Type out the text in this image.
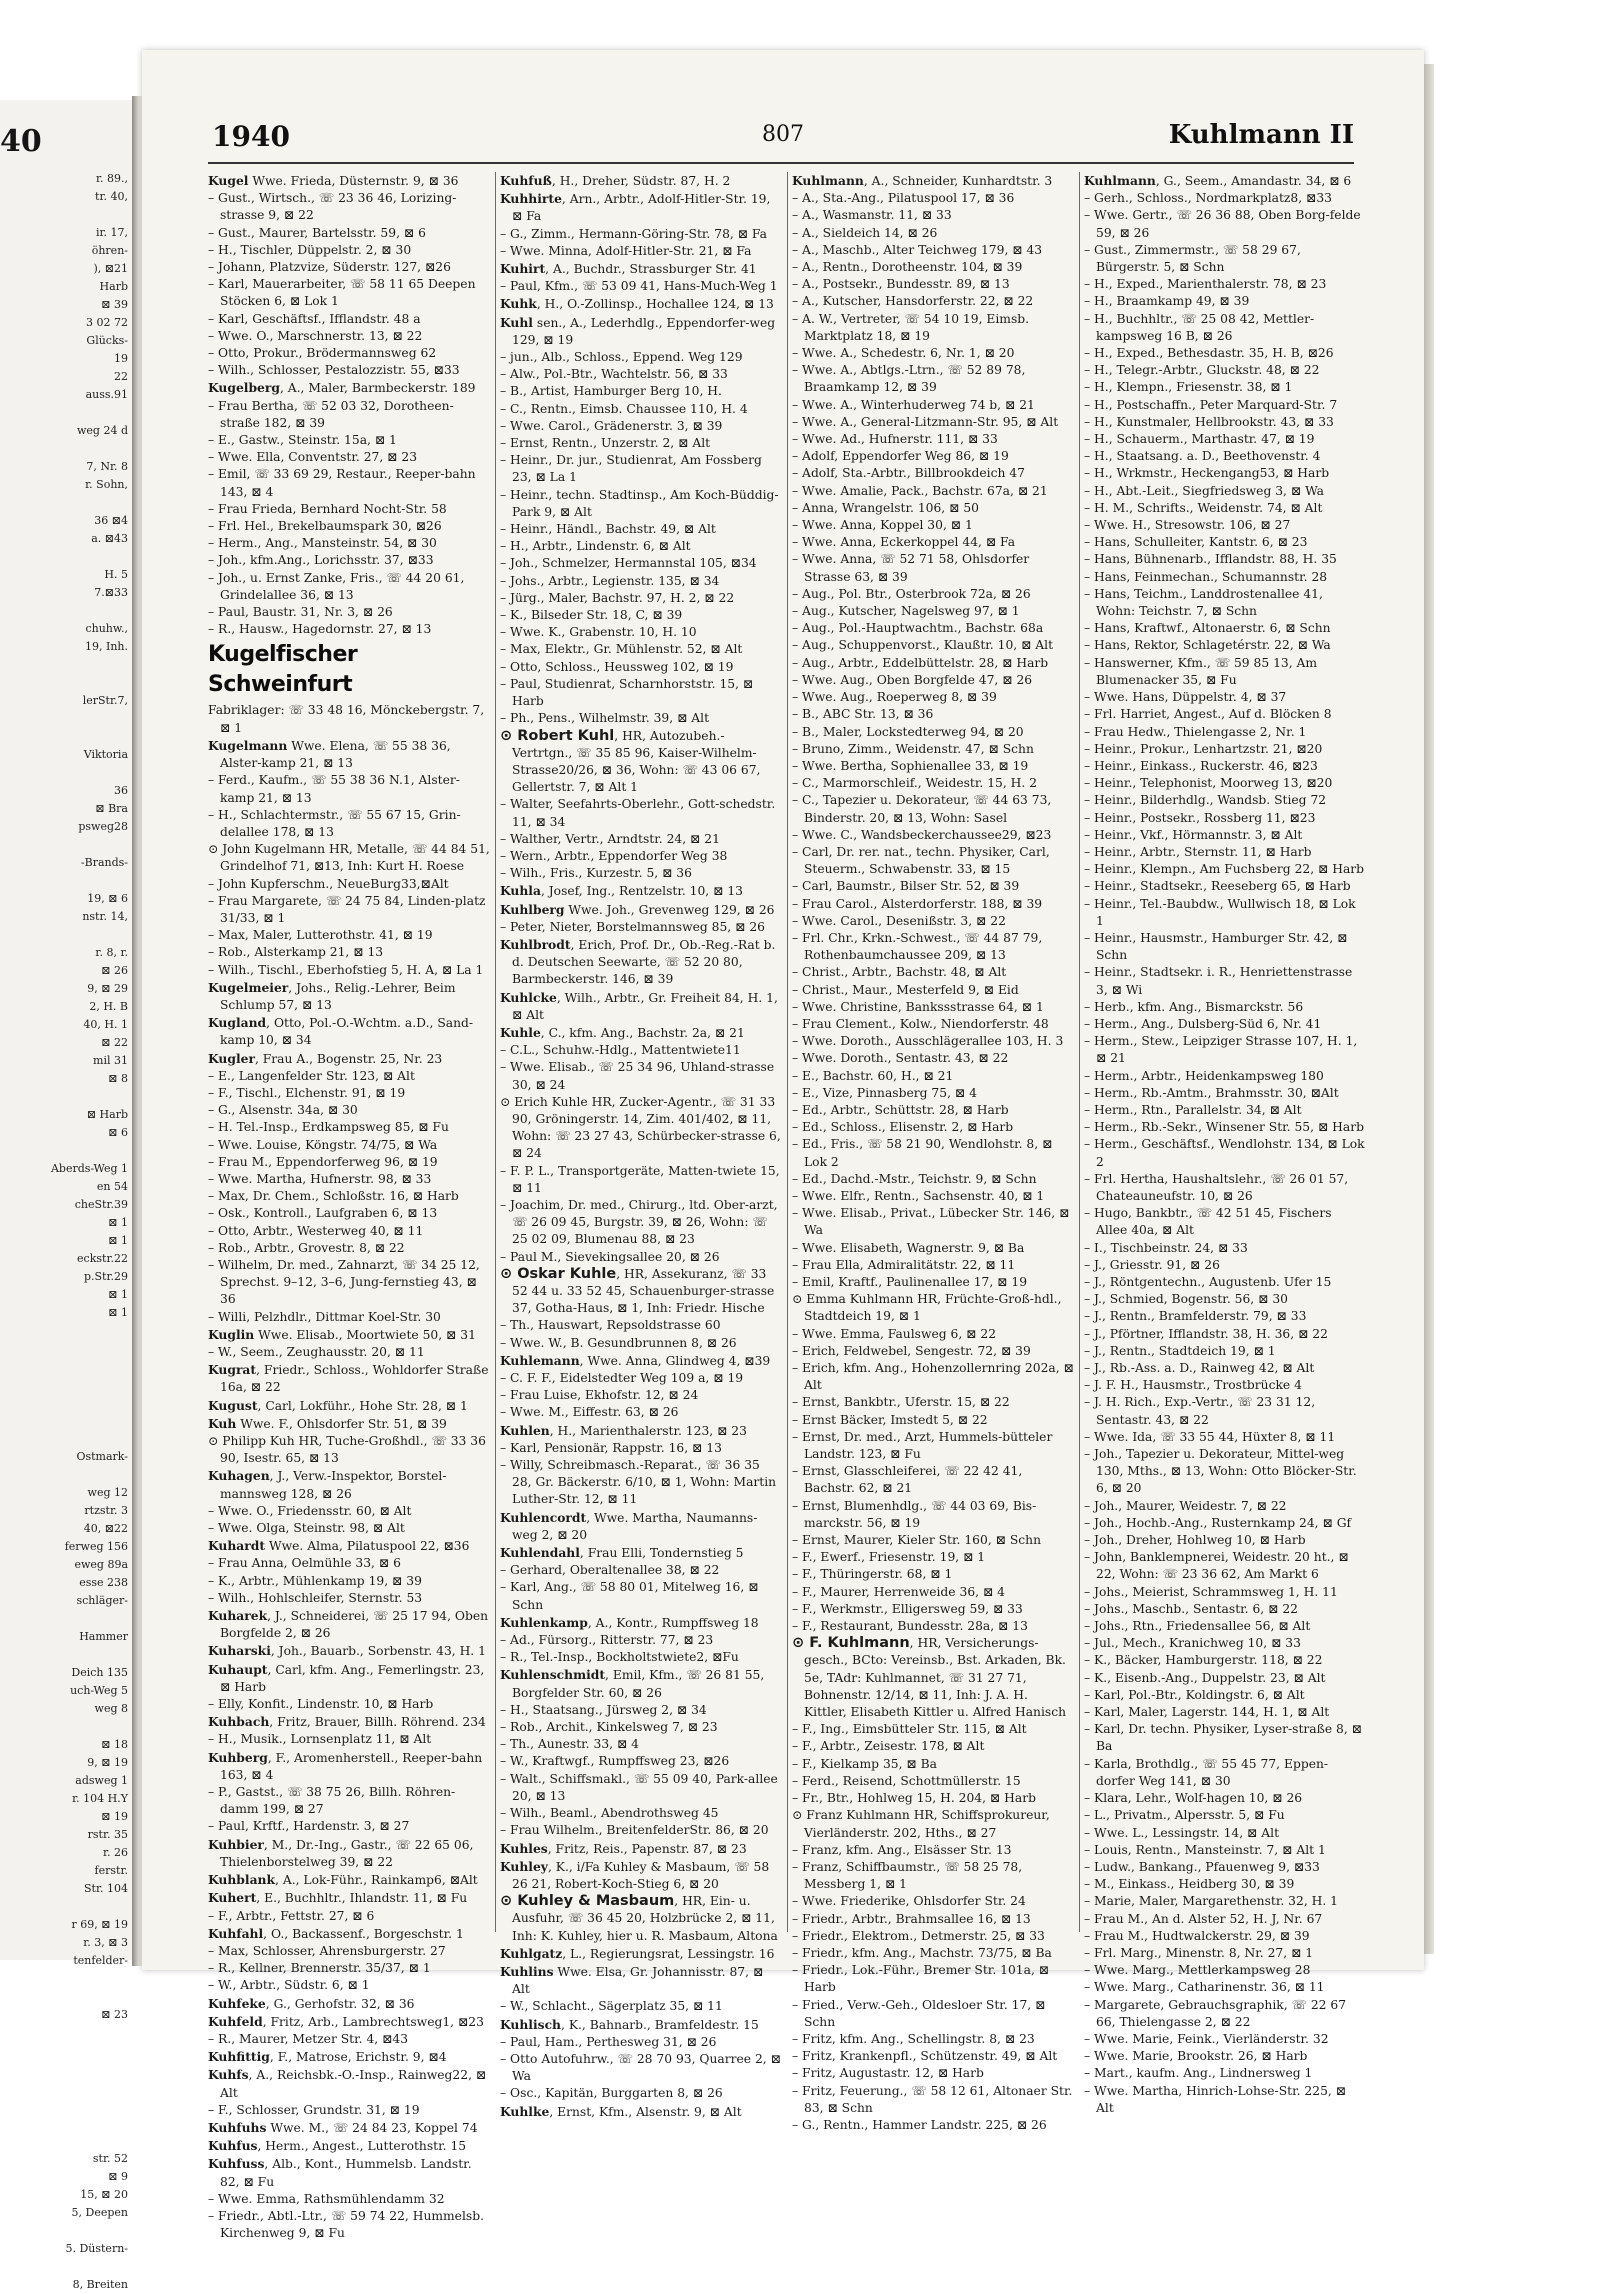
40
r. 89.,
tr. 40,
ir. 17,
öhren-
), ⊠21
Harb
⊠ 39
3 02 72
Glücks-
19
22
auss.91
weg 24 d
7, Nr. 8
r. Sohn,
36 ⊠4
a. ⊠43
H. 5
7.⊠33
chuhw.,
19, Inh.
lerStr.7,
Viktoria
36
⊠ Bra
psweg28
-Brands-
19, ⊠ 6
nstr. 14,
r. 8, r.
⊠ 26
9, ⊠ 29
2, H. B
40, H. 1
⊠ 22
mil 31
⊠ 8
⊠ Harb
⊠ 6
Aberds-Weg 1
en 54
cheStr.39
⊠ 1
⊠ 1
eckstr.22
p.Str.29
⊠ 1
⊠ 1
Ostmark-
weg 12
rtzstr. 3
40, ⊠22
ferweg 156
eweg 89a
esse 238
schläger-
Hammer
Deich 135
uch-Weg 5
weg 8
⊠ 18
9, ⊠ 19
adsweg 1
r. 104 H.Y
⊠ 19
rstr. 35
r. 26
ferstr.
Str. 104
r 69, ⊠ 19
r. 3, ⊠ 3
tenfelder-
⊠ 23
str. 52
⊠ 9
15, ⊠ 20
5, Deepen
5. Düstern-
8, Breiten
1940	807	Kuhlmann II
Kugel Wwe. Frieda, Düsternstr. 9, ⊠ 36
– Gust., Wirtsch., ☏ 23 36 46, Lorizing-strasse 9, ⊠ 22
– Gust., Maurer, Bartelsstr. 59, ⊠ 6
– H., Tischler, Düppelstr. 2, ⊠ 30
– Johann, Platzvize, Süderstr. 127, ⊠26
– Karl, Mauerarbeiter, ☏ 58 11 65 Deepen Stöcken 6, ⊠ Lok 1
– Karl, Geschäftsf., Ifflandstr. 48 a
– Wwe. O., Marschnerstr. 13, ⊠ 22
– Otto, Prokur., Brödermannsweg 62
– Wilh., Schlosser, Pestalozzistr. 55, ⊠33
Kugelberg, A., Maler, Barmbeckerstr. 189
– Frau Bertha, ☏ 52 03 32, Dorotheen-straße 182, ⊠ 39
– E., Gastw., Steinstr. 15a, ⊠ 1
– Wwe. Ella, Conventstr. 27, ⊠ 23
– Emil, ☏ 33 69 29, Restaur., Reeper-bahn 143, ⊠ 4
– Frau Frieda, Bernhard Nocht-Str. 58
– Frl. Hel., Brekelbaumspark 30, ⊠26
– Herm., Ang., Mansteinstr. 54, ⊠ 30
– Joh., kfm.Ang., Lorichsstr. 37, ⊠33
– Joh., u. Ernst Zanke, Fris., ☏ 44 20 61, Grindelallee 36, ⊠ 13
– Paul, Baustr. 31, Nr. 3, ⊠ 26
– R., Hausw., Hagedornstr. 27, ⊠ 13
Kugelfischer Schweinfurt
Fabriklager: ☏ 33 48 16, Mönckebergstr. 7, ⊠ 1
Kugelmann Wwe. Elena, ☏ 55 38 36, Alster-kamp 21, ⊠ 13
– Ferd., Kaufm., ☏ 55 38 36 N.1, Alster-kamp 21, ⊠ 13
– H., Schlachtermstr., ☏ 55 67 15, Grin-delallee 178, ⊠ 13
⊙ John Kugelmann HR, Metalle, ☏ 44 84 51, Grindelhof 71, ⊠13, Inh: Kurt H. Roese
– John Kupferschm., NeueBurg33,⊠Alt
– Frau Margarete, ☏ 24 75 84, Linden-platz 31/33, ⊠ 1
– Max, Maler, Lutterothstr. 41, ⊠ 19
– Rob., Alsterkamp 21, ⊠ 13
– Wilh., Tischl., Eberhofstieg 5, H. A, ⊠ La 1
Kugelmeier, Johs., Relig.-Lehrer, Beim Schlump 57, ⊠ 13
Kugland, Otto, Pol.-O.-Wchtm. a.D., Sand-kamp 10, ⊠ 34
Kugler, Frau A., Bogenstr. 25, Nr. 23
– E., Langenfelder Str. 123, ⊠ Alt
– F., Tischl., Elchenstr. 91, ⊠ 19
– G., Alsenstr. 34a, ⊠ 30
– H. Tel.-Insp., Erdkampsweg 85, ⊠ Fu
– Wwe. Louise, Köngstr. 74/75, ⊠ Wa
– Frau M., Eppendorferweg 96, ⊠ 19
– Wwe. Martha, Hufnerstr. 98, ⊠ 33
– Max, Dr. Chem., Schloßstr. 16, ⊠ Harb
– Osk., Kontroll., Laufgraben 6, ⊠ 13
– Otto, Arbtr., Westerweg 40, ⊠ 11
– Rob., Arbtr., Grovestr. 8, ⊠ 22
– Wilhelm, Dr. med., Zahnarzt, ☏ 34 25 12, Sprechst. 9–12, 3–6, Jung-fernstieg 43, ⊠ 36
– Willi, Pelzhdlr., Dittmar Koel-Str. 30
Kuglin Wwe. Elisab., Moortwiete 50, ⊠ 31
– W., Seem., Zeughausstr. 20, ⊠ 11
Kugrat, Friedr., Schloss., Wohldorfer Straße 16a, ⊠ 22
Kugust, Carl, Lokführ., Hohe Str. 28, ⊠ 1
Kuh Wwe. F., Ohlsdorfer Str. 51, ⊠ 39
⊙ Philipp Kuh HR, Tuche-Großhdl., ☏ 33 36 90, Isestr. 65, ⊠ 13
Kuhagen, J., Verw.-Inspektor, Borstel-mannsweg 128, ⊠ 26
– Wwe. O., Friedensstr. 60, ⊠ Alt
– Wwe. Olga, Steinstr. 98, ⊠ Alt
Kuhardt Wwe. Alma, Pilatuspool 22, ⊠36
– Frau Anna, Oelmühle 33, ⊠ 6
– K., Arbtr., Mühlenkamp 19, ⊠ 39
– Wilh., Hohlschleifer, Sternstr. 53
Kuharek, J., Schneiderei, ☏ 25 17 94, Oben Borgfelde 2, ⊠ 26
Kuharski, Joh., Bauarb., Sorbenstr. 43, H. 1
Kuhaupt, Carl, kfm. Ang., Femerlingstr. 23, ⊠ Harb
– Elly, Konfit., Lindenstr. 10, ⊠ Harb
Kuhbach, Fritz, Brauer, Billh. Röhrend. 234
– H., Musik., Lornsenplatz 11, ⊠ Alt
Kuhberg, F., Aromenherstell., Reeper-bahn 163, ⊠ 4
– P., Gastst., ☏ 38 75 26, Billh. Röhren-damm 199, ⊠ 27
– Paul, Krftf., Hardenstr. 3, ⊠ 27
Kuhbier, M., Dr.-Ing., Gastr., ☏ 22 65 06, Thielenborstelweg 39, ⊠ 22
Kuhblank, A., Lok-Führ., Rainkamp6, ⊠Alt
Kuhert, E., Buchhltr., Ihlandstr. 11, ⊠ Fu
– F., Arbtr., Fettstr. 27, ⊠ 6
Kuhfahl, O., Backassenf., Borgeschstr. 1
– Max, Schlosser, Ahrensburgerstr. 27
– R., Kellner, Brennerstr. 35/37, ⊠ 1
– W., Arbtr., Südstr. 6, ⊠ 1
Kuhfeke, G., Gerhofstr. 32, ⊠ 36
Kuhfeld, Fritz, Arb., Lambrechtsweg1, ⊠23
– R., Maurer, Metzer Str. 4, ⊠43
Kuhfittig, F., Matrose, Erichstr. 9, ⊠4
Kuhfs, A., Reichsbk.-O.-Insp., Rainweg22, ⊠ Alt
– F., Schlosser, Grundstr. 31, ⊠ 19
Kuhfuhs Wwe. M., ☏ 24 84 23, Koppel 74
Kuhfus, Herm., Angest., Lutterothstr. 15
Kuhfuss, Alb., Kont., Hummelsb. Landstr. 82, ⊠ Fu
– Wwe. Emma, Rathsmühlendamm 32
– Friedr., Abtl.-Ltr., ☏ 59 74 22, Hummelsb. Kirchenweg 9, ⊠ Fu
Kuhfuß, H., Dreher, Südstr. 87, H. 2
Kuhhirte, Arn., Arbtr., Adolf-Hitler-Str. 19, ⊠ Fa
– G., Zimm., Hermann-Göring-Str. 78, ⊠ Fa
– Wwe. Minna, Adolf-Hitler-Str. 21, ⊠ Fa
Kuhirt, A., Buchdr., Strassburger Str. 41
– Paul, Kfm., ☏ 53 09 41, Hans-Much-Weg 1
Kuhk, H., O.-Zollinsp., Hochallee 124, ⊠ 13
Kuhl sen., A., Lederhdlg., Eppendorfer-weg 129, ⊠ 19
– jun., Alb., Schloss., Eppend. Weg 129
– Alw., Pol.-Btr., Wachtelstr. 56, ⊠ 33
– B., Artist, Hamburger Berg 10, H.
– C., Rentn., Eimsb. Chaussee 110, H. 4
– Wwe. Carol., Grädenerstr. 3, ⊠ 39
– Ernst, Rentn., Unzerstr. 2, ⊠ Alt
– Heinr., Dr. jur., Studienrat, Am Fossberg 23, ⊠ La 1
– Heinr., techn. Stadtinsp., Am Koch-Büddig-Park 9, ⊠ Alt
– Heinr., Händl., Bachstr. 49, ⊠ Alt
– H., Arbtr., Lindenstr. 6, ⊠ Alt
– Joh., Schmelzer, Hermannstal 105, ⊠34
– Johs., Arbtr., Legienstr. 135, ⊠ 34
– Jürg., Maler, Bachstr. 97, H. 2, ⊠ 22
– K., Bilseder Str. 18, C, ⊠ 39
– Wwe. K., Grabenstr. 10, H. 10
– Max, Elektr., Gr. Mühlenstr. 52, ⊠ Alt
– Otto, Schloss., Heussweg 102, ⊠ 19
– Paul, Studienrat, Scharnhorststr. 15, ⊠ Harb
– Ph., Pens., Wilhelmstr. 39, ⊠ Alt
⊙ Robert Kuhl, HR, Autozubeh.-Vertrtgn., ☏ 35 85 96, Kaiser-Wilhelm-Strasse20/26, ⊠ 36, Wohn: ☏ 43 06 67, Gellertstr. 7, ⊠ Alt 1
– Walter, Seefahrts-Oberlehr., Gott-schedstr. 11, ⊠ 34
– Walther, Vertr., Arndtstr. 24, ⊠ 21
– Wern., Arbtr., Eppendorfer Weg 38
– Wilh., Fris., Kurzestr. 5, ⊠ 36
Kuhla, Josef, Ing., Rentzelstr. 10, ⊠ 13
Kuhlberg Wwe. Joh., Grevenweg 129, ⊠ 26
– Peter, Nieter, Borstelmannsweg 85, ⊠ 26
Kuhlbrodt, Erich, Prof. Dr., Ob.-Reg.-Rat b. d. Deutschen Seewarte, ☏ 52 20 80, Barmbeckerstr. 146, ⊠ 39
Kuhlcke, Wilh., Arbtr., Gr. Freiheit 84, H. 1, ⊠ Alt
Kuhle, C., kfm. Ang., Bachstr. 2a, ⊠ 21
– C.L., Schuhw.-Hdlg., Mattentwiete11
– Wwe. Elisab., ☏ 25 34 96, Uhland-strasse 30, ⊠ 24
⊙ Erich Kuhle HR, Zucker-Agentr., ☏ 31 33 90, Gröningerstr. 14, Zim. 401/402, ⊠ 11, Wohn: ☏ 23 27 43, Schürbecker-strasse 6, ⊠ 24
– F. P. L., Transportgeräte, Matten-twiete 15, ⊠ 11
– Joachim, Dr. med., Chirurg., ltd. Ober-arzt, ☏ 26 09 45, Burgstr. 39, ⊠ 26, Wohn: ☏ 25 02 09, Blumenau 88, ⊠ 23
– Paul M., Sievekingsallee 20, ⊠ 26
⊙ Oskar Kuhle, HR, Assekuranz, ☏ 33 52 44 u. 33 52 45, Schauenburger-strasse 37, Gotha-Haus, ⊠ 1, Inh: Friedr. Hische
– Th., Hauswart, Repsoldstrasse 60
– Wwe. W., B. Gesundbrunnen 8, ⊠ 26
Kuhlemann, Wwe. Anna, Glindweg 4, ⊠39
– C. F. F., Eidelstedter Weg 109 a, ⊠ 19
– Frau Luise, Ekhofstr. 12, ⊠ 24
– Wwe. M., Eiffestr. 63, ⊠ 26
Kuhlen, H., Marienthalerstr. 123, ⊠ 23
– Karl, Pensionär, Rappstr. 16, ⊠ 13
– Willy, Schreibmasch.-Reparat., ☏ 36 35 28, Gr. Bäckerstr. 6/10, ⊠ 1, Wohn: Martin Luther-Str. 12, ⊠ 11
Kuhlencordt, Wwe. Martha, Naumanns-weg 2, ⊠ 20
Kuhlendahl, Frau Elli, Tondernstieg 5
– Gerhard, Oberaltenallee 38, ⊠ 22
– Karl, Ang., ☏ 58 80 01, Mitelweg 16, ⊠ Schn
Kuhlenkamp, A., Kontr., Rumpffsweg 18
– Ad., Fürsorg., Ritterstr. 77, ⊠ 23
– R., Tel.-Insp., Bockholtstwiete2, ⊠Fu
Kuhlenschmidt, Emil, Kfm., ☏ 26 81 55, Borgfelder Str. 60, ⊠ 26
– H., Staatsang., Jürsweg 2, ⊠ 34
– Rob., Archit., Kinkelsweg 7, ⊠ 23
– Th., Aunestr. 33, ⊠ 4
– W., Kraftwgf., Rumpffsweg 23, ⊠26
– Walt., Schiffsmakl., ☏ 55 09 40, Park-allee 20, ⊠ 13
– Wilh., Beaml., Abendrothsweg 45
– Frau Wilhelm., BreitenfelderStr. 86, ⊠ 20
Kuhles, Fritz, Reis., Papenstr. 87, ⊠ 23
Kuhley, K., i/Fa Kuhley & Masbaum, ☏ 58 26 21, Robert-Koch-Stieg 6, ⊠ 20
⊙ Kuhley & Masbaum, HR, Ein- u. Ausfuhr, ☏ 36 45 20, Holzbrücke 2, ⊠ 11, Inh: K. Kuhley, hier u. R. Masbaum, Altona
Kuhlgatz, L., Regierungsrat, Lessingstr. 16
Kuhlins Wwe. Elsa, Gr. Johannisstr. 87, ⊠ Alt
– W., Schlacht., Sägerplatz 35, ⊠ 11
Kuhlisch, K., Bahnarb., Bramfeldestr. 15
– Paul, Ham., Perthesweg 31, ⊠ 26
– Otto Autofuhrw., ☏ 28 70 93, Quarree 2, ⊠ Wa
– Osc., Kapitän, Burggarten 8, ⊠ 26
Kuhlke, Ernst, Kfm., Alsenstr. 9, ⊠ Alt
Kuhlmann, A., Schneider, Kunhardtstr. 3
– A., Sta.-Ang., Pilatuspool 17, ⊠ 36
– A., Wasmanstr. 11, ⊠ 33
– A., Sieldeich 14, ⊠ 26
– A., Maschb., Alter Teichweg 179, ⊠ 43
– A., Rentn., Dorotheenstr. 104, ⊠ 39
– A., Postsekr., Bundesstr. 89, ⊠ 13
– A., Kutscher, Hansdorferstr. 22, ⊠ 22
– A. W., Vertreter, ☏ 54 10 19, Eimsb. Marktplatz 18, ⊠ 19
– Wwe. A., Schedestr. 6, Nr. 1, ⊠ 20
– Wwe. A., Abtlgs.-Ltrn., ☏ 52 89 78, Braamkamp 12, ⊠ 39
– Wwe. A., Winterhuderweg 74 b, ⊠ 21
– Wwe. A., General-Litzmann-Str. 95, ⊠ Alt
– Wwe. Ad., Hufnerstr. 111, ⊠ 33
– Adolf, Eppendorfer Weg 86, ⊠ 19
– Adolf, Sta.-Arbtr., Billbrookdeich 47
– Wwe. Amalie, Pack., Bachstr. 67a, ⊠ 21
– Anna, Wrangelstr. 106, ⊠ 50
– Wwe. Anna, Koppel 30, ⊠ 1
– Wwe. Anna, Eckerkoppel 44, ⊠ Fa
– Wwe. Anna, ☏ 52 71 58, Ohlsdorfer Strasse 63, ⊠ 39
– Aug., Pol. Btr., Osterbrook 72a, ⊠ 26
– Aug., Kutscher, Nagelsweg 97, ⊠ 1
– Aug., Pol.-Hauptwachtm., Bachstr. 68a
– Aug., Schuppenvorst., Klaußtr. 10, ⊠ Alt
– Aug., Arbtr., Eddelbüttelstr. 28, ⊠ Harb
– Wwe. Aug., Oben Borgfelde 47, ⊠ 26
– Wwe. Aug., Roeperweg 8, ⊠ 39
– B., ABC Str. 13, ⊠ 36
– B., Maler, Lockstedterweg 94, ⊠ 20
– Bruno, Zimm., Weidenstr. 47, ⊠ Schn
– Wwe. Bertha, Sophienallee 33, ⊠ 19
– C., Marmorschleif., Weidestr. 15, H. 2
– C., Tapezier u. Dekorateur, ☏ 44 63 73, Binderstr. 20, ⊠ 13, Wohn: Sasel
– Wwe. C., Wandsbeckerchaussee29, ⊠23
– Carl, Dr. rer. nat., techn. Physiker, Carl, Steuerm., Schwabenstr. 33, ⊠ 15
– Carl, Baumstr., Bilser Str. 52, ⊠ 39
– Frau Carol., Alsterdorferstr. 188, ⊠ 39
– Wwe. Carol., Desenißstr. 3, ⊠ 22
– Frl. Chr., Krkn.-Schwest., ☏ 44 87 79, Rothenbaumchaussee 209, ⊠ 13
– Christ., Arbtr., Bachstr. 48, ⊠ Alt
– Christ., Maur., Mesterfeld 9, ⊠ Eid
– Wwe. Christine, Bankssstrasse 64, ⊠ 1
– Frau Clement., Kolw., Niendorferstr. 48
– Wwe. Doroth., Ausschlägerallee 103, H. 3
– Wwe. Doroth., Sentastr. 43, ⊠ 22
– E., Bachstr. 60, H., ⊠ 21
– E., Vize, Pinnasberg 75, ⊠ 4
– Ed., Arbtr., Schüttstr. 28, ⊠ Harb
– Ed., Schloss., Elisenstr. 2, ⊠ Harb
– Ed., Fris., ☏ 58 21 90, Wendlohstr. 8, ⊠ Lok 2
– Ed., Dachd.-Mstr., Teichstr. 9, ⊠ Schn
– Wwe. Elfr., Rentn., Sachsenstr. 40, ⊠ 1
– Wwe. Elisab., Privat., Lübecker Str. 146, ⊠ Wa
– Wwe. Elisabeth, Wagnerstr. 9, ⊠ Ba
– Frau Ella, Admiralitätstr. 22, ⊠ 11
– Emil, Kraftf., Paulinenallee 17, ⊠ 19
⊙ Emma Kuhlmann HR, Früchte-Groß-hdl., Stadtdeich 19, ⊠ 1
– Wwe. Emma, Faulsweg 6, ⊠ 22
– Erich, Feldwebel, Sengestr. 72, ⊠ 39
– Erich, kfm. Ang., Hohenzollernring 202a, ⊠ Alt
– Ernst, Bankbtr., Uferstr. 15, ⊠ 22
– Ernst Bäcker, Imstedt 5, ⊠ 22
– Ernst, Dr. med., Arzt, Hummels-bütteler Landstr. 123, ⊠ Fu
– Ernst, Glasschleiferei, ☏ 22 42 41, Bachstr. 62, ⊠ 21
– Ernst, Blumenhdlg., ☏ 44 03 69, Bis-marckstr. 56, ⊠ 19
– Ernst, Maurer, Kieler Str. 160, ⊠ Schn
– F., Ewerf., Friesenstr. 19, ⊠ 1
– F., Thüringerstr. 68, ⊠ 1
– F., Maurer, Herrenweide 36, ⊠ 4
– F., Werkmstr., Elligersweg 59, ⊠ 33
– F., Restaurant, Bundesstr. 28a, ⊠ 13
⊙ F. Kuhlmann, HR, Versicherungs-gesch., BCto: Vereinsb., Bst. Arkaden, Bk. 5e, TAdr: Kuhlmannet, ☏ 31 27 71, Bohnenstr. 12/14, ⊠ 11, Inh: J. A. H. Kittler, Elisabeth Kittler u. Alfred Hanisch
– F., Ing., Eimsbütteler Str. 115, ⊠ Alt
– F., Arbtr., Zeisestr. 178, ⊠ Alt
– F., Kielkamp 35, ⊠ Ba
– Ferd., Reisend, Schottmüllerstr. 15
– Fr., Btr., Hohlweg 15, H. 204, ⊠ Harb
⊙ Franz Kuhlmann HR, Schiffsprokureur, Vierländerstr. 202, Hths., ⊠ 27
– Franz, kfm. Ang., Elsässer Str. 13
– Franz, Schiffbaumstr., ☏ 58 25 78, Messberg 1, ⊠ 1
– Wwe. Friederike, Ohlsdorfer Str. 24
– Friedr., Arbtr., Brahmsallee 16, ⊠ 13
– Friedr., Elektrom., Detmerstr. 25, ⊠ 33
– Friedr., kfm. Ang., Machstr. 73/75, ⊠ Ba
– Friedr., Lok.-Führ., Bremer Str. 101a, ⊠ Harb
– Fried., Verw.-Geh., Oldesloer Str. 17, ⊠ Schn
– Fritz, kfm. Ang., Schellingstr. 8, ⊠ 23
– Fritz, Krankenpfl., Schützenstr. 49, ⊠ Alt
– Fritz, Augustastr. 12, ⊠ Harb
– Fritz, Feuerung., ☏ 58 12 61, Altonaer Str. 83, ⊠ Schn
– G., Rentn., Hammer Landstr. 225, ⊠ 26
Kuhlmann, G., Seem., Amandastr. 34, ⊠ 6
– Gerh., Schloss., Nordmarkplatz8, ⊠33
– Wwe. Gertr., ☏ 26 36 88, Oben Borg-felde 59, ⊠ 26
– Gust., Zimmermstr., ☏ 58 29 67, Bürgerstr. 5, ⊠ Schn
– H., Exped., Marienthalerstr. 78, ⊠ 23
– H., Braamkamp 49, ⊠ 39
– H., Buchhltr., ☏ 25 08 42, Mettler-kampsweg 16 B, ⊠ 26
– H., Exped., Bethesdastr. 35, H. B, ⊠26
– H., Telegr.-Arbtr., Gluckstr. 48, ⊠ 22
– H., Klempn., Friesenstr. 38, ⊠ 1
– H., Postschaffn., Peter Marquard-Str. 7
– H., Kunstmaler, Hellbrookstr. 43, ⊠ 33
– H., Schauerm., Marthastr. 47, ⊠ 19
– H., Staatsang. a. D., Beethovenstr. 4
– H., Wrkmstr., Heckengang53, ⊠ Harb
– H., Abt.-Leit., Siegfriedsweg 3, ⊠ Wa
– H. M., Schrifts., Weidenstr. 74, ⊠ Alt
– Wwe. H., Stresowstr. 106, ⊠ 27
– Hans, Schulleiter, Kantstr. 6, ⊠ 23
– Hans, Bühnenarb., Ifflandstr. 88, H. 35
– Hans, Feinmechan., Schumannstr. 28
– Hans, Teichm., Landdrostenallee 41, Wohn: Teichstr. 7, ⊠ Schn
– Hans, Kraftwf., Altonaerstr. 6, ⊠ Schn
– Hans, Rektor, Schlagetérstr. 22, ⊠ Wa
– Hanswerner, Kfm., ☏ 59 85 13, Am Blumenacker 35, ⊠ Fu
– Wwe. Hans, Düppelstr. 4, ⊠ 37
– Frl. Harriet, Angest., Auf d. Blöcken 8
– Frau Hedw., Thielengasse 2, Nr. 1
– Heinr., Prokur., Lenhartzstr. 21, ⊠20
– Heinr., Einkass., Ruckerstr. 46, ⊠23
– Heinr., Telephonist, Moorweg 13, ⊠20
– Heinr., Bilderhdlg., Wandsb. Stieg 72
– Heinr., Postsekr., Rossberg 11, ⊠23
– Heinr., Vkf., Hörmannstr. 3, ⊠ Alt
– Heinr., Arbtr., Sternstr. 11, ⊠ Harb
– Heinr., Klempn., Am Fuchsberg 22, ⊠ Harb
– Heinr., Stadtsekr., Reeseberg 65, ⊠ Harb
– Heinr., Tel.-Baubdw., Wullwisch 18, ⊠ Lok 1
– Heinr., Hausmstr., Hamburger Str. 42, ⊠ Schn
– Heinr., Stadtsekr. i. R., Henriettenstrasse 3, ⊠ Wi
– Herb., kfm. Ang., Bismarckstr. 56
– Herm., Ang., Dulsberg-Süd 6, Nr. 41
– Herm., Stew., Leipziger Strasse 107, H. 1, ⊠ 21
– Herm., Arbtr., Heidenkampsweg 180
– Herm., Rb.-Amtm., Brahmsstr. 30, ⊠Alt
– Herm., Rtn., Parallelstr. 34, ⊠ Alt
– Herm., Rb.-Sekr., Winsener Str. 55, ⊠ Harb
– Herm., Geschäftsf., Wendlohstr. 134, ⊠ Lok 2
– Frl. Hertha, Haushaltslehr., ☏ 26 01 57, Chateauneufstr. 10, ⊠ 26
– Hugo, Bankbtr., ☏ 42 51 45, Fischers Allee 40a, ⊠ Alt
– I., Tischbeinstr. 24, ⊠ 33
– J., Griesstr. 91, ⊠ 26
– J., Röntgentechn., Augustenb. Ufer 15
– J., Schmied, Bogenstr. 56, ⊠ 30
– J., Rentn., Bramfelderstr. 79, ⊠ 33
– J., Pförtner, Ifflandstr. 38, H. 36, ⊠ 22
– J., Rentn., Stadtdeich 19, ⊠ 1
– J., Rb.-Ass. a. D., Rainweg 42, ⊠ Alt
– J. F. H., Hausmstr., Trostbrücke 4
– J. H. Rich., Exp.-Vertr., ☏ 23 31 12, Sentastr. 43, ⊠ 22
– Wwe. Ida, ☏ 33 55 44, Hüxter 8, ⊠ 11
– Joh., Tapezier u. Dekorateur, Mittel-weg 130, Mths., ⊠ 13, Wohn: Otto Blöcker-Str. 6, ⊠ 20
– Joh., Maurer, Weidestr. 7, ⊠ 22
– Joh., Hochb.-Ang., Rusternkamp 24, ⊠ Gf
– Joh., Dreher, Hohlweg 10, ⊠ Harb
– John, Banklempnerei, Weidestr. 20 ht., ⊠ 22, Wohn: ☏ 23 36 62, Am Markt 6
– Johs., Meierist, Schrammsweg 1, H. 11
– Johs., Maschb., Sentastr. 6, ⊠ 22
– Johs., Rtn., Friedensallee 56, ⊠ Alt
– Jul., Mech., Kranichweg 10, ⊠ 33
– K., Bäcker, Hamburgerstr. 118, ⊠ 22
– K., Eisenb.-Ang., Duppelstr. 23, ⊠ Alt
– Karl, Pol.-Btr., Koldingstr. 6, ⊠ Alt
– Karl, Maler, Lagerstr. 144, H. 1, ⊠ Alt
– Karl, Dr. techn. Physiker, Lyser-straße 8, ⊠ Ba
– Karla, Brothdlg., ☏ 55 45 77, Eppen-dorfer Weg 141, ⊠ 30
– Klara, Lehr., Wolf-hagen 10, ⊠ 26
– L., Privatm., Alpersstr. 5, ⊠ Fu
– Wwe. L., Lessingstr. 14, ⊠ Alt
– Louis, Rentn., Mansteinstr. 7, ⊠ Alt 1
– Ludw., Bankang., Pfauenweg 9, ⊠33
– M., Einkass., Heidberg 30, ⊠ 39
– Marie, Maler, Margarethenstr. 32, H. 1
– Frau M., An d. Alster 52, H. J, Nr. 67
– Frau M., Hudtwalckerstr. 29, ⊠ 39
– Frl. Marg., Minenstr. 8, Nr. 27, ⊠ 1
– Wwe. Marg., Mettlerkampsweg 28
– Wwe. Marg., Catharinenstr. 36, ⊠ 11
– Margarete, Gebrauchsgraphik, ☏ 22 67 66, Thielengasse 2, ⊠ 22
– Wwe. Marie, Feink., Vierländerstr. 32
– Wwe. Marie, Brookstr. 26, ⊠ Harb
– Mart., kaufm. Ang., Lindnersweg 1
– Wwe. Martha, Hinrich-Lohse-Str. 225, ⊠ Alt
